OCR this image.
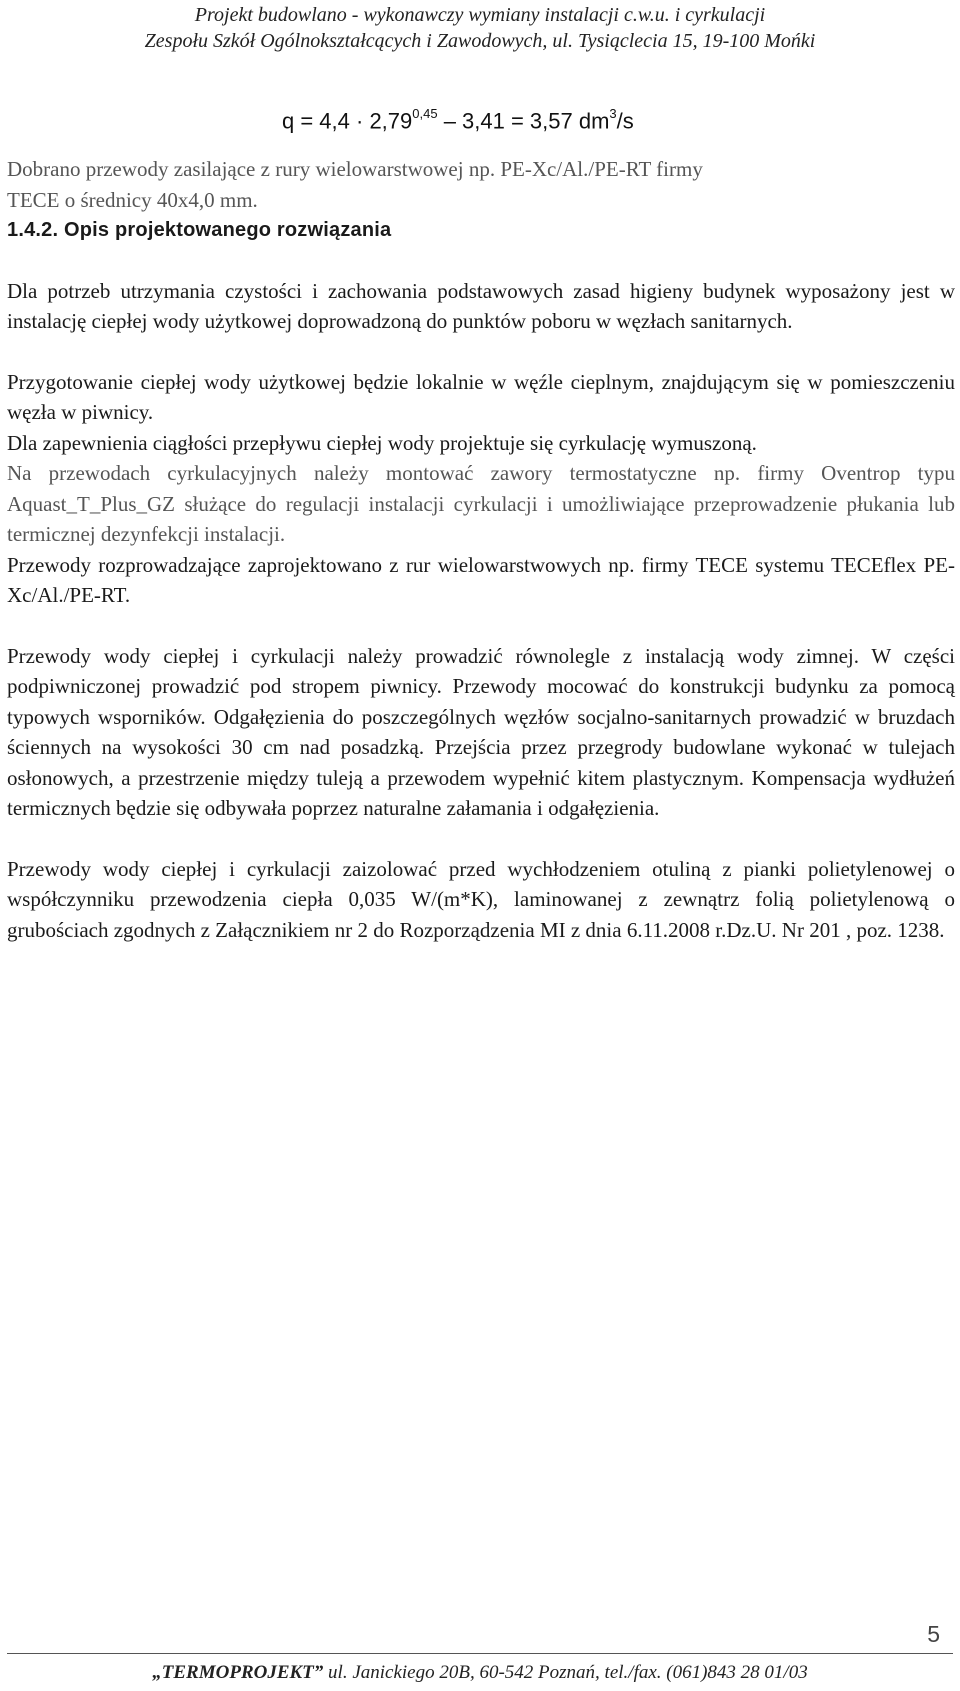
Projekt budowlano - wykonawczy wymiany instalacji c.w.u. i cyrkulacji
Zespołu Szkół Ogólnokształcących i Zawodowych, ul. Tysiąclecia 15, 19-100 Mońki
$q = 4,4 \cdot 2,79^{0,45} - 3,41 = 3,57$ $dm^3/s$

Dobrano przewody zasilające z rury wielowarstwowej np. PE-Xc/Al./PE-RT firmy

TECE o średnicy 40x4,0 mm.

1.4.2. Opis projektowanego rozwiązania

Dla potrzeb utrzymania czystości i zachowania podstawowych zasad higieny budynek wyposażony jest w instalację ciepłej wody użytkowej doprowadzoną do punktów poboru w węzłach sanitarnych.

Przygotowanie ciepłej wody użytkowej będzie lokalnie w węźle cieplnym, znajdującym się w pomieszczeniu węzła w piwnicy.

Dla zapewnienia ciągłości przepływu ciepłej wody projektuje się cyrkulację wymuszoną.

Na przewodach cyrkulacyjnych należy montować zawory termostatyczne np. firmy Oventrop typu Aquast_T_Plus_GZ służące do regulacji instalacji cyrkulacji i umożliwiające przeprowadzenie płukania lub termicznej dezynfekcji instalacji.

Przewody rozprowadzające zaprojektowano z rur wielowarstwowych np. firmy TECE systemu TECEflex PE-Xc/Al./PE-RT.

Przewody wody ciepłej i cyrkulacji należy prowadzić równolegle z instalacją wody zimnej. W części podpiwniczonej prowadzić pod stropem piwnicy. Przewody mocować do konstrukcji budynku za pomocą typowych wsporników. Odgałęzienia do poszczególnych węzłów socjalno-sanitarnych prowadzić w bruzdach ściennych na wysokości 30 cm nad posadzką. Przejścia przez przegrody budowlane wykonać w tulejach osłonowych, a przestrzenie między tuleją a przewodem wypełnić kitem plastycznym. Kompensacja wydłużeń termicznych będzie się odbywała poprzez naturalne załamania i odgałęzienia.

Przewody wody ciepłej i cyrkulacji zaizolować przed wychłodzeniem otuliną z pianki polietylenowej o współczynniku przewodzenia ciepła 0,035 W/(m*K), laminowanej z zewnątrz folią polietylenową o grubościach zgodnych z Załącznikiem nr 2 do Rozporządzenia MI z dnia 6.11.2008 r.Dz.U. Nr 201 , poz. 1238.

5
„TERMOPROJEKT” ul. Janickiego 20B, 60-542 Poznań, tel./fax. (061)843 28 01/03
